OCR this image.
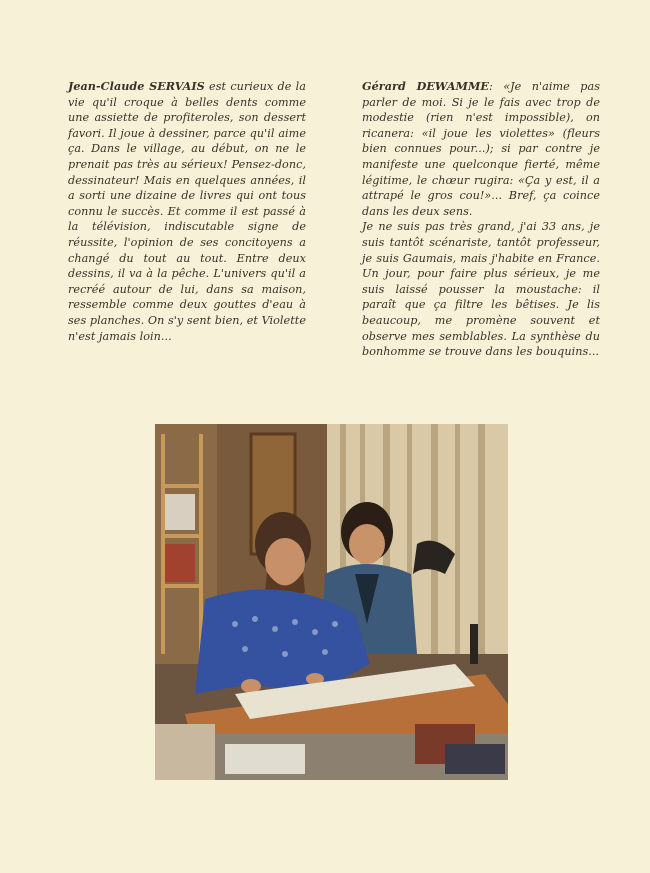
Jean-Claude SERVAIS est curieux de la vie qu'il croque à belles dents comme une assiette de profiteroles, son dessert favori. Il joue à dessiner, parce qu'il aime ça. Dans le village, au début, on ne le prenait pas très au sérieux! Pensez-donc, dessinateur! Mais en quelques années, il a sorti une dizaine de livres qui ont tous connu le succès. Et comme il est passé à la télévision, indiscutable signe de réussite, l'opinion de ses concitoyens a changé du tout au tout. Entre deux dessins, il va à la pêche. L'univers qu'il a recréé autour de lui, dans sa maison, ressemble comme deux gouttes d'eau à ses planches. On s'y sent bien, et Violette n'est jamais loin...

Gérard DEWAMME: «Je n'aime pas parler de moi. Si je le fais avec trop de modestie (rien n'est impossible), on ricanera: «il joue les violettes» (fleurs bien connues pour...); si par contre je manifeste une quelconque fierté, même légitime, le chœur rugira: «Ça y est, il a attrapé le gros cou!»... Bref, ça coince dans les deux sens.

Je ne suis pas très grand, j'ai 33 ans, je suis tantôt scénariste, tantôt professeur, je suis Gaumais, mais j'habite en France. Un jour, pour faire plus sérieux, je me suis laissé pousser la moustache: il paraît que ça filtre les bêtises. Je lis beaucoup, me promène souvent et observe mes semblables. La synthèse du bonhomme se trouve dans les bouquins...
